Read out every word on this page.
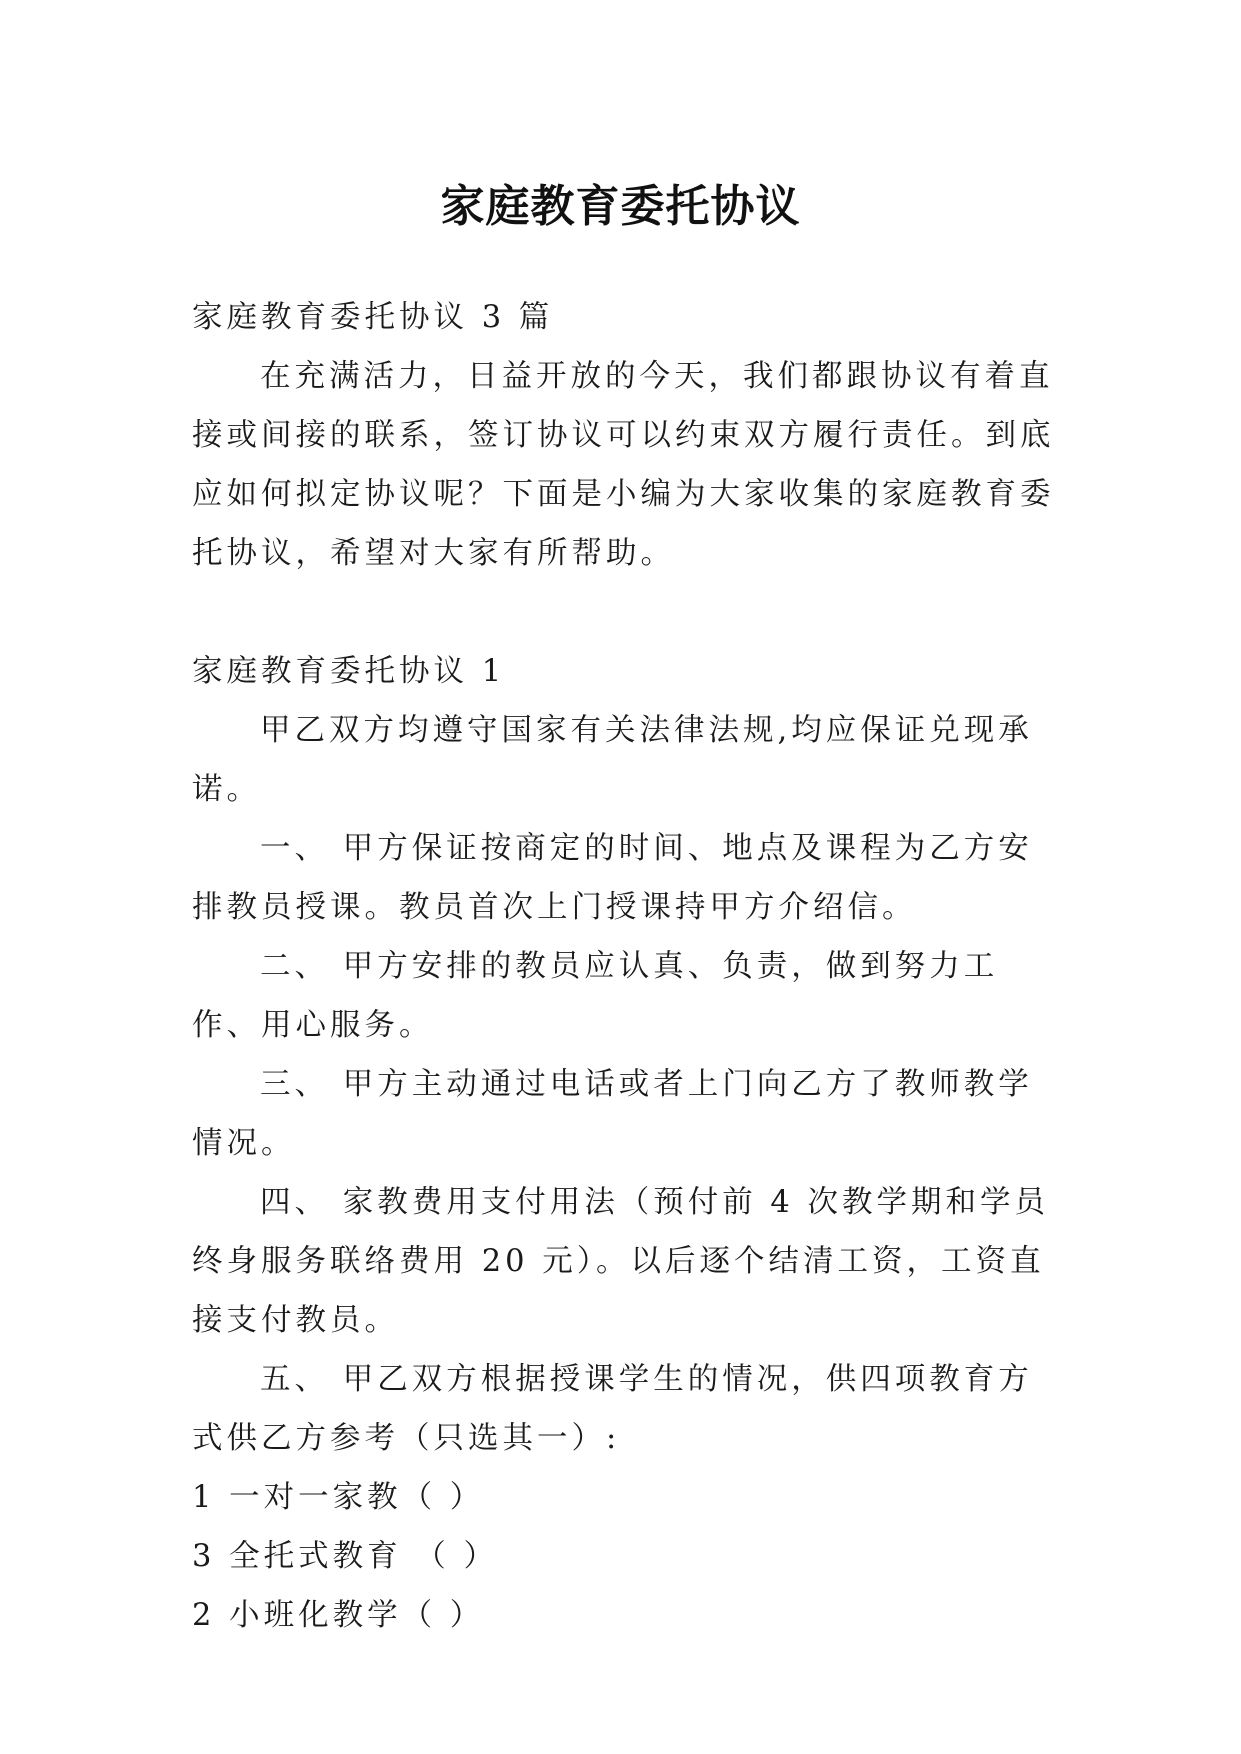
家庭教育委托协议

家庭教育委托协议 3 篇

在充满活力，日益开放的今天，我们都跟协议有着直接或间接的联系，签订协议可以约束双方履行责任。到底应如何拟定协议呢？下面是小编为大家收集的家庭教育委托协议，希望对大家有所帮助。

家庭教育委托协议 1

甲乙双方均遵守国家有关法律法规,均应保证兑现承诺。

一、 甲方保证按商定的时间、地点及课程为乙方安排教员授课。教员首次上门授课持甲方介绍信。

二、 甲方安排的教员应认真、负责，做到努力工作、用心服务。

三、 甲方主动通过电话或者上门向乙方了教师教学情况。

四、 家教费用支付用法（预付前 4 次教学期和学员终身服务联络费用 20 元）。以后逐个结清工资，工资直接支付教员。

五、 甲乙双方根据授课学生的情况，供四项教育方式供乙方参考（只选其一）:

1 一对一家教（ ）

3 全托式教育 （ ）

2 小班化教学（ ）
